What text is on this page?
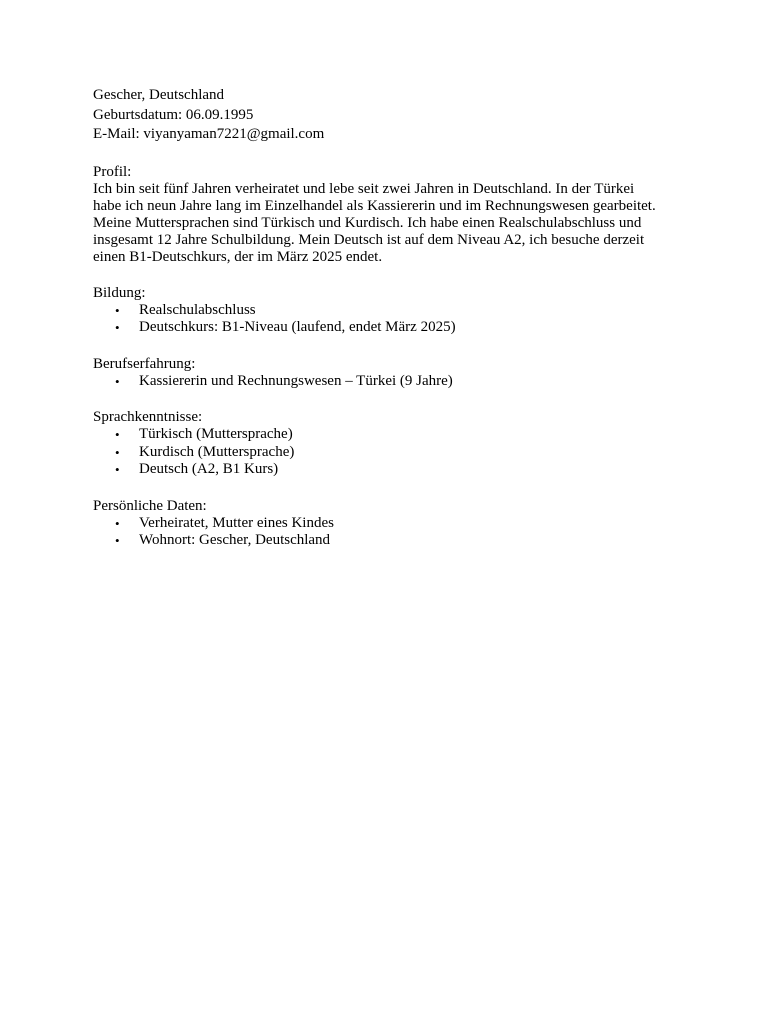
Gescher, Deutschland

Geburtsdatum: 06.09.1995

E-Mail: viyanyaman7221@gmail.com

Profil:

Ich bin seit fünf Jahren verheiratet und lebe seit zwei Jahren in Deutschland. In der Türkei

habe ich neun Jahre lang im Einzelhandel als Kassiererin und im Rechnungswesen gearbeitet.

Meine Muttersprachen sind Türkisch und Kurdisch. Ich habe einen Realschulabschluss und

insgesamt 12 Jahre Schulbildung. Mein Deutsch ist auf dem Niveau A2, ich besuche derzeit

einen B1-Deutschkurs, der im März 2025 endet.

Bildung:

• Realschulabschluss
• Deutschkurs: B1-Niveau (laufend, endet März 2025)

Berufserfahrung:

• Kassiererin und Rechnungswesen – Türkei (9 Jahre)

Sprachkenntnisse:

• Türkisch (Muttersprache)
• Kurdisch (Muttersprache)
• Deutsch (A2, B1 Kurs)

Persönliche Daten:

• Verheiratet, Mutter eines Kindes
• Wohnort: Gescher, Deutschland
